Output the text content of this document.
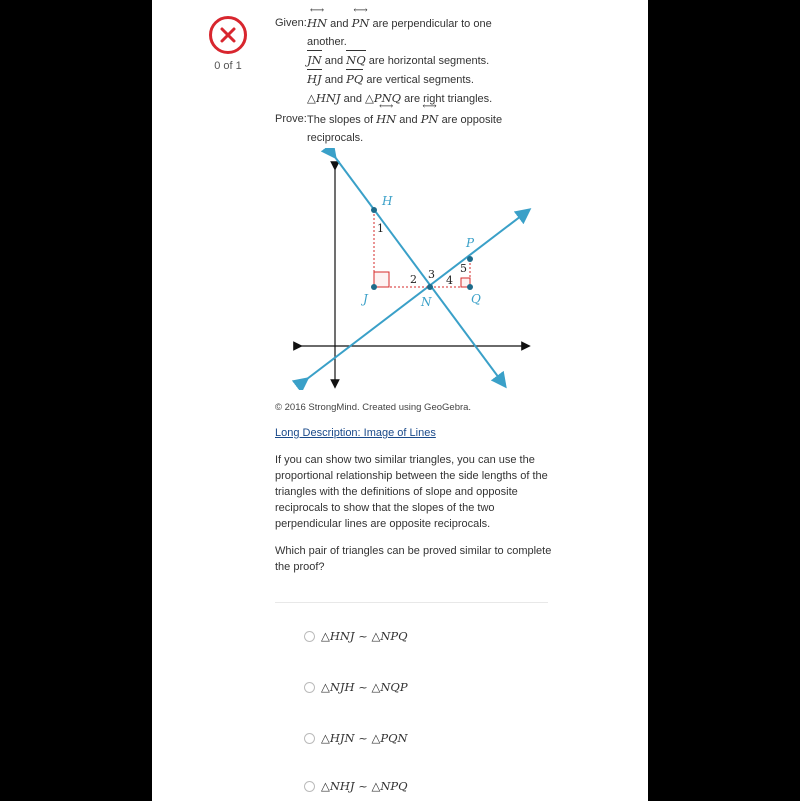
0 of 1
Given: HN ⟷ and PN ⟷ are perpendicular to one
another.
JN and NQ are horizontal segments.
HJ and PQ are vertical segments.
△HNJ and △PNQ are right triangles.
Prove: The slopes of HN ⟷ and PN ⟷ are opposite
reciprocals.
H
P
J	N	Q
1
2 3 4
5
© 2016 StrongMind. Created using GeoGebra.
Long Description: Image of Lines
If you can show two similar triangles, you can use the proportional relationship between the side lengths of the triangles with the definitions of slope and opposite reciprocals to show that the slopes of the two perpendicular lines are opposite reciprocals.
Which pair of triangles can be proved similar to complete the proof?
△HNJ ~ △NPQ
△NJH ~ △NQP
△HJN ~ △PQN
△NHJ ~ △NPQ
